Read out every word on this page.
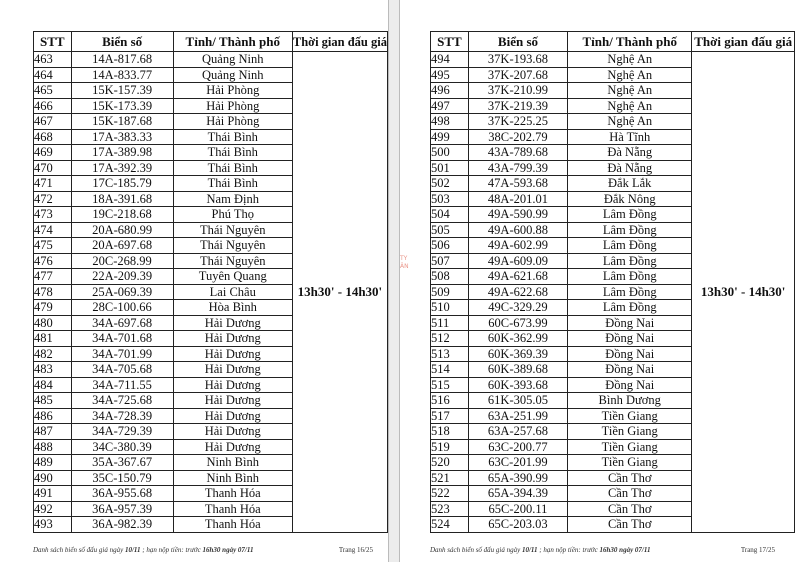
STT	Biển số	Tỉnh/ Thành phố	Thời gian đấu giá
463	14A-817.68	Quảng Ninh	13h30' - 14h30'
464	14A-833.77	Quảng Ninh	
465	15K-157.39	Hải Phòng	
466	15K-173.39	Hải Phòng	
467	15K-187.68	Hải Phòng	
468	17A-383.33	Thái Bình	
469	17A-389.98	Thái Bình	
470	17A-392.39	Thái Bình	
471	17C-185.79	Thái Bình	
472	18A-391.68	Nam Định	
473	19C-218.68	Phú Thọ	
474	20A-680.99	Thái Nguyên	
475	20A-697.68	Thái Nguyên	
476	20C-268.99	Thái Nguyên	
477	22A-209.39	Tuyên Quang	
478	25A-069.39	Lai Châu	
479	28C-100.66	Hòa Bình	
480	34A-697.68	Hải Dương	
481	34A-701.68	Hải Dương	
482	34A-701.99	Hải Dương	
483	34A-705.68	Hải Dương	
484	34A-711.55	Hải Dương	
485	34A-725.68	Hải Dương	
486	34A-728.39	Hải Dương	
487	34A-729.39	Hải Dương	
488	34C-380.39	Hải Dương	
489	35A-367.67	Ninh Bình	
490	35C-150.79	Ninh Bình	
491	36A-955.68	Thanh Hóa	
492	36A-957.39	Thanh Hóa	
493	36A-982.39	Thanh Hóa	
Danh sách biển số đấu giá ngày 10/11 ; hạn nộp tiền: trước 16h30 ngày 07/11	Trang 16/25
TY ÂN
STT	Biển số	Tỉnh/ Thành phố	Thời gian đấu giá
494	37K-193.68	Nghệ An	13h30' - 14h30'
495	37K-207.68	Nghệ An	
496	37K-210.99	Nghệ An	
497	37K-219.39	Nghệ An	
498	37K-225.25	Nghệ An	
499	38C-202.79	Hà Tĩnh	
500	43A-789.68	Đà Nẵng	
501	43A-799.39	Đà Nẵng	
502	47A-593.68	Đắk Lắk	
503	48A-201.01	Đắk Nông	
504	49A-590.99	Lâm Đồng	
505	49A-600.88	Lâm Đồng	
506	49A-602.99	Lâm Đồng	
507	49A-609.09	Lâm Đồng	
508	49A-621.68	Lâm Đồng	
509	49A-622.68	Lâm Đồng	
510	49C-329.29	Lâm Đồng	
511	60C-673.99	Đồng Nai	
512	60K-362.99	Đồng Nai	
513	60K-369.39	Đồng Nai	
514	60K-389.68	Đồng Nai	
515	60K-393.68	Đồng Nai	
516	61K-305.05	Bình Dương	
517	63A-251.99	Tiền Giang	
518	63A-257.68	Tiền Giang	
519	63C-200.77	Tiền Giang	
520	63C-201.99	Tiền Giang	
521	65A-390.99	Cần Thơ	
522	65A-394.39	Cần Thơ	
523	65C-200.11	Cần Thơ	
524	65C-203.03	Cần Thơ	
Danh sách biển số đấu giá ngày 10/11 ; hạn nộp tiền: trước 16h30 ngày 07/11	Trang 17/25
